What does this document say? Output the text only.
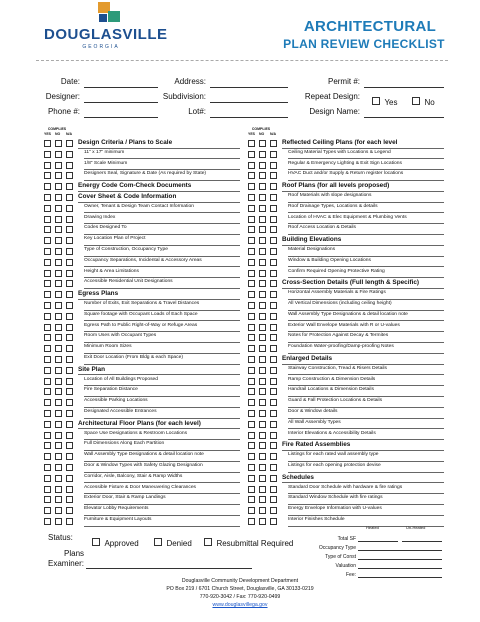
DOUGLASVILLE
GEORGIA
ARCHITECTURAL
PLAN REVIEW CHECKLIST
Date:
Designer:
Phone #:
Address:
Subdivision:
Lot#:
Permit #:
Repeat Design:
Yes	No
Design Name:
COMPLIES
YES NO N/A
COMPLIES
YES NO N/A
Design Criteria / Plans to Scale
11" x 17" minimum
1/8" Scale Minimum
Designers Seal, Signature & Date (As required by State)
Energy Code Com-Check Documents
Cover Sheet & Code Information
Owner, Tenant & Design Team Contact Information
Drawing Index
Codes Designed To
Key Location Plan of Project
Type of Construction, Occupancy Type
Occupancy Separations, Incidental & Accessory Areas
Height & Area Limitations
Accessible Residential Unit Designations
Egress Plans
Number of Exits, Exit Separations & Travel Distances
Square footage with Occupant Loads of Each Space
Egress Path to Public Right-of-Way or Refuge Areas
Room Uses with Occupant Types
Minimum Room Sizes
Exit Door Location (From Bldg & each Space)
Site Plan
Location of All Buildings Proposed
Fire Separation Distance
Accessible Parking Locations
Designated Accessible Entrances
Architectural Floor Plans (for each level)
Space Use Designations & Restroom Locations
Full Dimensions Along Each Partition
Wall Assembly Type Designations & detail location note
Door & Window Types with Safety Glazing Designation
Corridor, Aisle, Balcony, Stair & Ramp Widths
Accessible Fixture & Door Maneuvering Clearances
Exterior Door, Stair & Ramp Landings
Elevator Lobby Requirements
Furniture & Equipment Layouts
Reflected Ceiling Plans (for each level
Ceiling Material Types with Locations & Legend
Regular & Emergency Lighting & Exit Sign Locations
HVAC Duct and/or Supply & Return register locations
Roof Plans (for all levels proposed)
Roof Materials with slope designations
Roof Drainage Types, Locations & details
Location of HVAC & Elec Equipment & Plumbing Vents
Roof Access Location & Details
Building Elevations
Material Designations
Window & Building Opening Locations
Confirm Required Opening Protective Rating
Cross-Section Details (Full length & Specific)
Horizontal Assembly Materials & Fire Ratings
All Vertical Dimensions (including ceiling height)
Wall Assembly Type Designations & detail location note
Exterior Wall Envelope Materials with R or U-values
Notes for Protection Against Decay & Termites
Foundation Water-proofing/Damp-proofing Notes
Enlarged Details
Stairway Construction, Tread & Risers Details
Ramp Construction & Dimension Details
Handrail Locations & Dimension Details
Guard & Fall Protection Locations & Details
Door & Window details
All Wall Assembly Types
Interior Elevations & Accessibility Details
Fire Rated Assemblies
Listings for each rated wall assembly type
Listings for each opening protection devise
Schedules
Standard Door Schedule with hardware & fire ratings
Standard Window Schedule with fire ratings
Energy Envelope Information with U-values
Interior Finishes Schedule
Status:
Approved	Denied	Resubmittal Required
Plans
Examiner:
Heated	Un-Heated
Total SF
Occupancy Type
Type of Const
Valuation
Fee:
Douglasville Community Development Department
PO Box 219 / 6701 Church Street, Douglasville, GA 30133-0219
770-920-3042 / Fax: 770-920-0499
www.douglasvillega.gov
